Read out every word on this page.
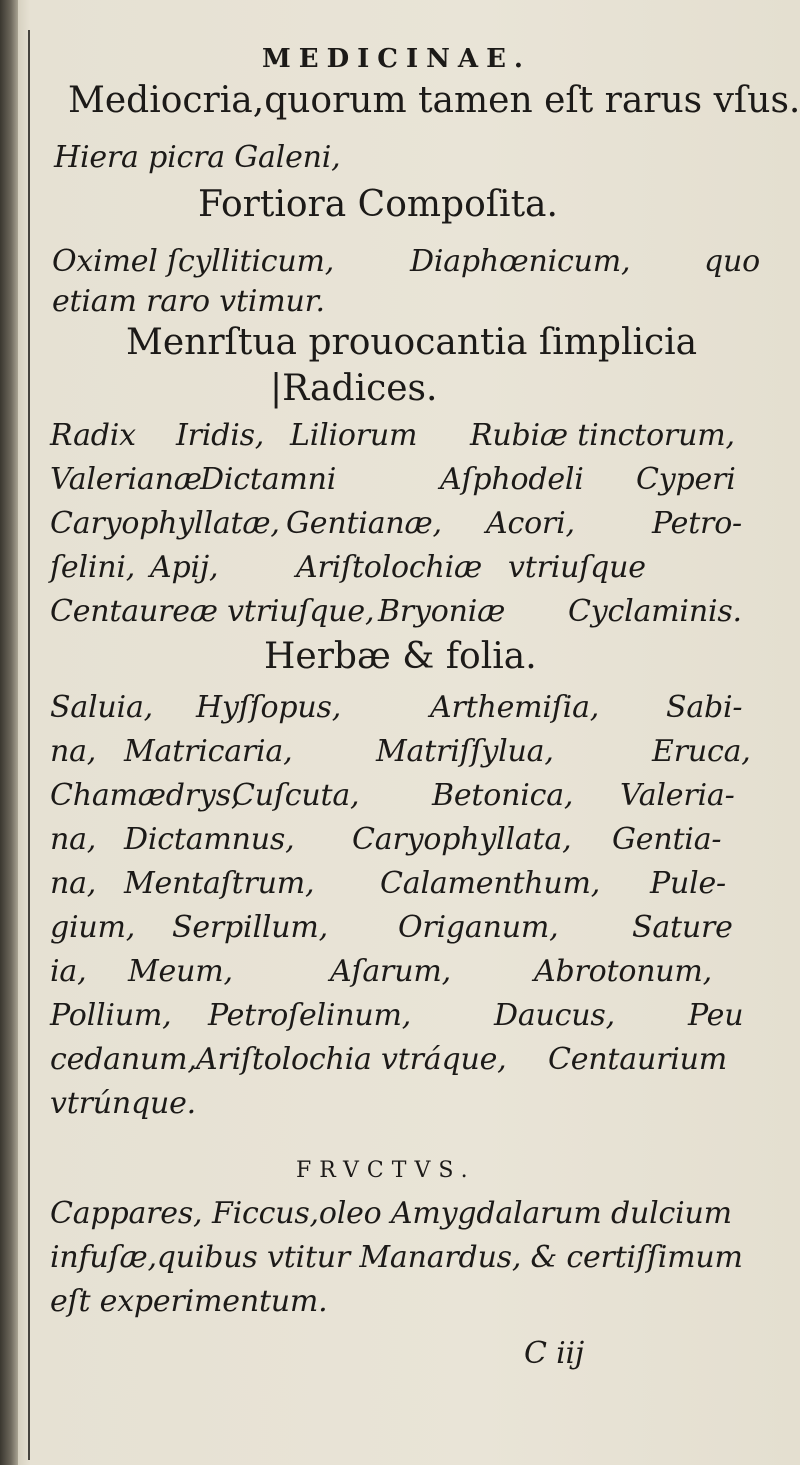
MEDICINAE.
Mediocria,quorum tamen eſt rarus vſus.
Hiera picra Galeni,
Fortiora Compoſita.
Oximel ſcylliticum,	Diaphœnicum, quo
etiam raro vtimur.
Menrſtua prouocantia ſimplicia
|Radices.
Radix Iridis, Liliorum Rubiæ tinctorum,
Valerianæ
Dictamni	Aſphodeli Cyperi
Caryophyllatæ, Gentianæ, Acori,	Petro-
ſelini, Apij,	Ariſtolochiæ vtriuſque
Centaureæ vtriuſque, Bryoniæ Cyclaminis.
Herbæ & folia.
Saluia, Hyſſopus,	Arthemiſia, Sabi-
na, Matricaria,	Matriſſylua,	Eruca,
Chamædrys,
Cuſcuta, Betonica, Valeria-
na, Dictamnus, Caryophyllata, Gentia-
na, Mentaſtrum, Calamenthum, Pule-
gium, Serpillum, Origanum, Sature
ia, Meum,	Aſarum,	Abrotonum,
Pollium, Petroſelinum,	Daucus, Peu
cedanum, Ariſtolochia vtráque, Centaurium
vtrúnque.
FRVCTVS.
Cappares, Ficcus,oleo Amygdalarum dulcium
infuſæ,quibus vtitur Manardus, & certiſſimum
eſt experimentum.
C iij
